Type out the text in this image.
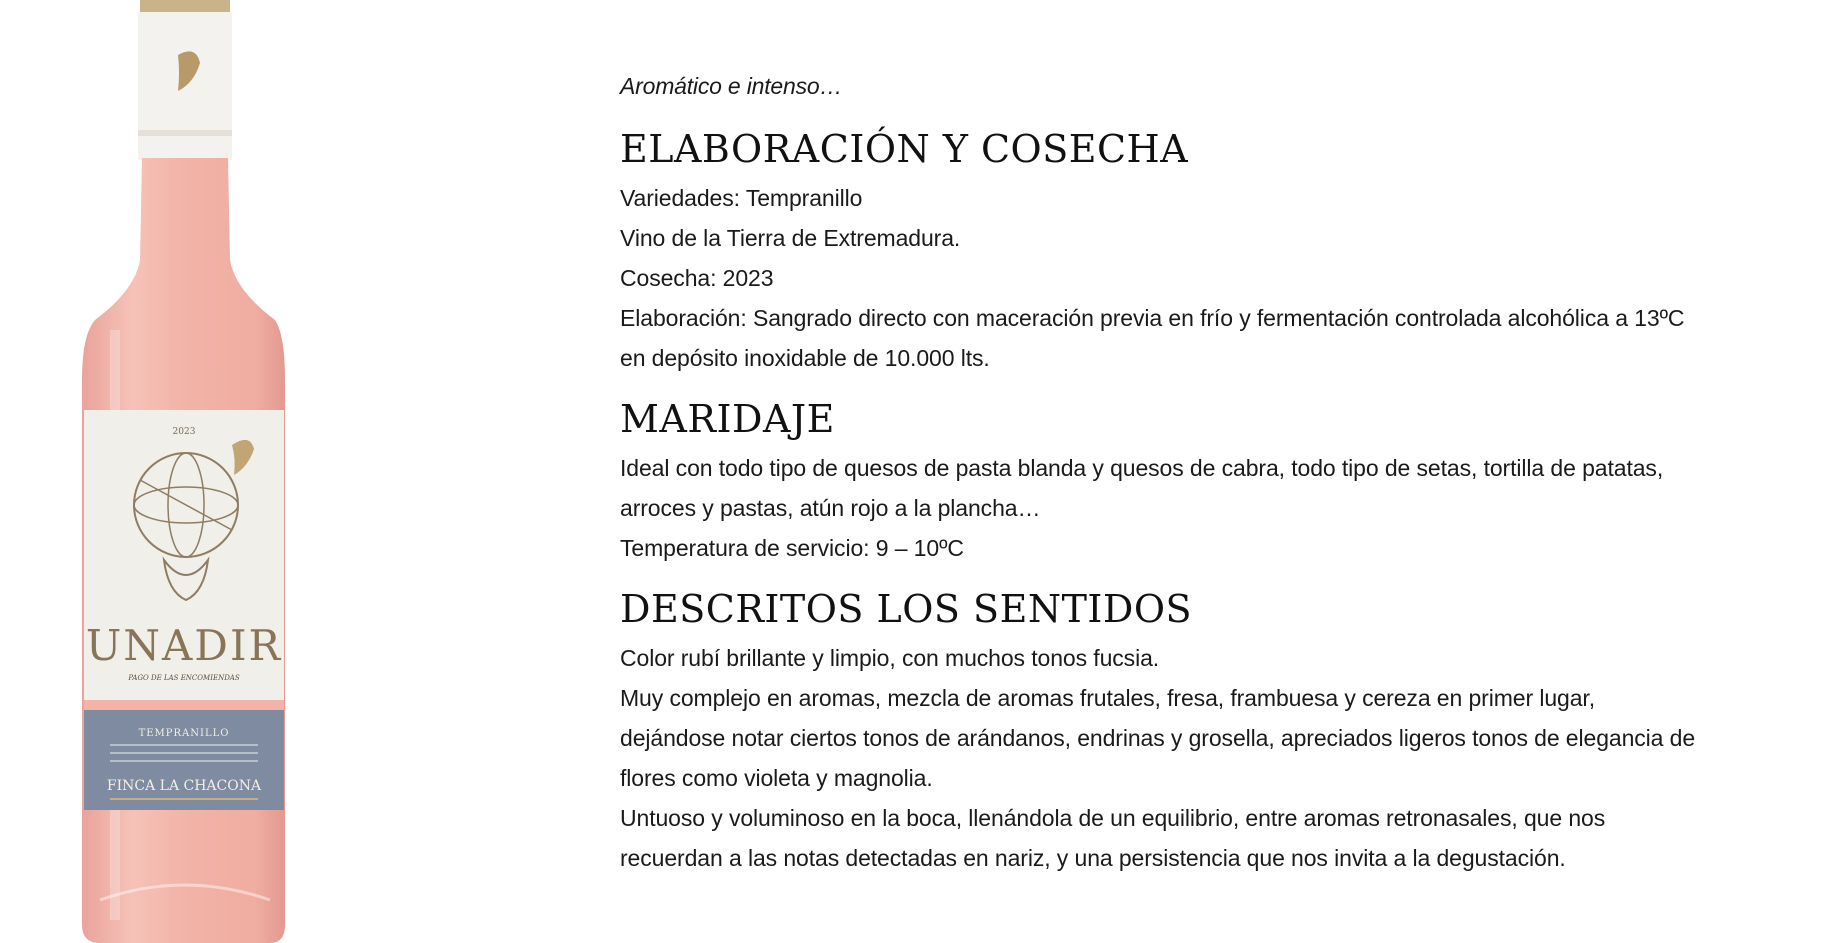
2023
UNADIR
PAGO DE LAS ENCOMIENDAS
TEMPRANILLO
FINCA LA CHACONA

Aromático e intenso…

ELABORACIÓN Y COSECHA

Variedades: Tempranillo

Vino de la Tierra de Extremadura.

Cosecha: 2023

Elaboración: Sangrado directo con maceración previa en frío y fermentación controlada alcohólica a 13ºC en depósito inoxidable de 10.000 lts.

MARIDAJE

Ideal con todo tipo de quesos de pasta blanda y quesos de cabra, todo tipo de setas, tortilla de patatas, arroces y pastas, atún rojo a la plancha…

Temperatura de servicio: 9 – 10ºC

DESCRITOS LOS SENTIDOS

Color rubí brillante y limpio, con muchos tonos fucsia.

Muy complejo en aromas, mezcla de aromas frutales, fresa, frambuesa y cereza en primer lugar, dejándose notar ciertos tonos de arándanos, endrinas y grosella, apreciados ligeros tonos de elegancia de flores como violeta y magnolia.

Untuoso y voluminoso en la boca, llenándola de un equilibrio, entre aromas retronasales, que nos recuerdan a las notas detectadas en nariz, y una persistencia que nos invita a la degustación.
